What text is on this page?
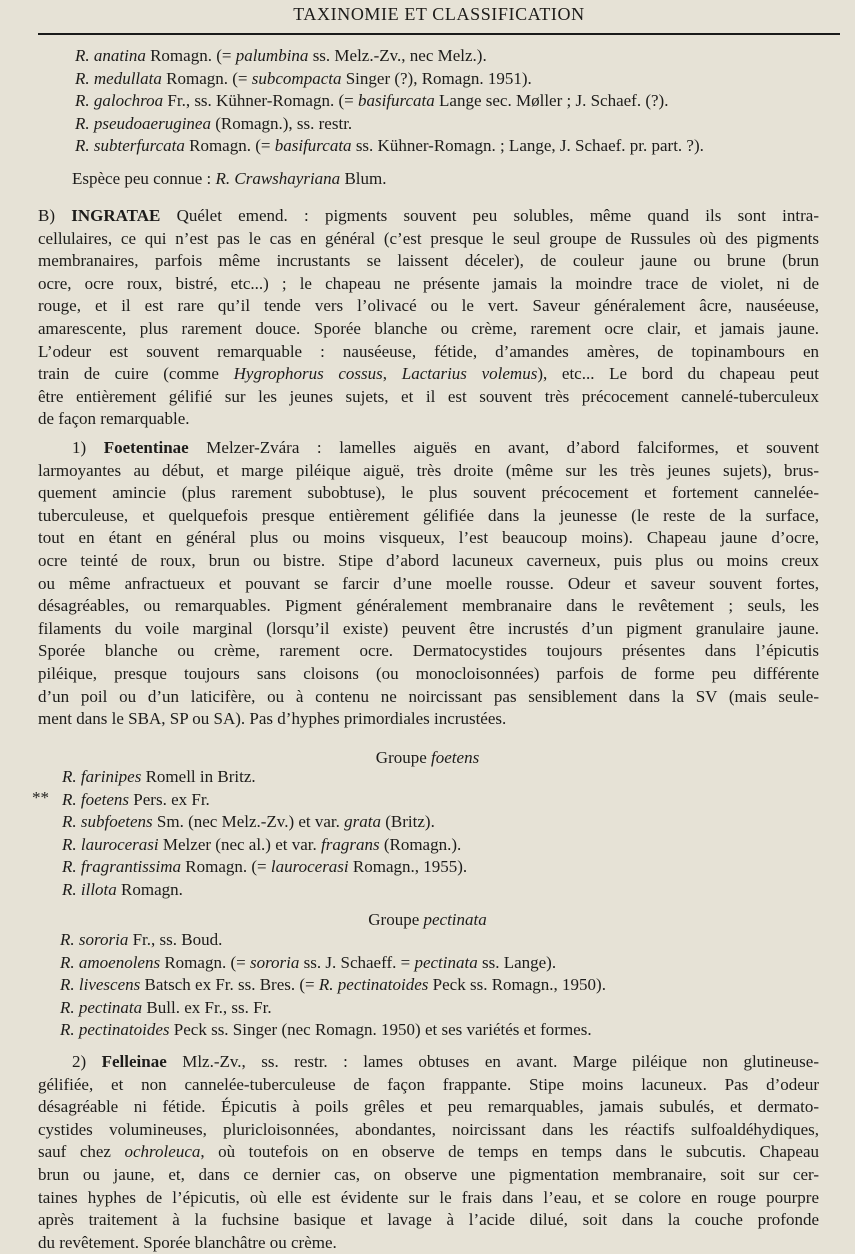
TAXINOMIE ET CLASSIFICATION
R. anatina Romagn. (= palumbina ss. Melz.-Zv., nec Melz.).
R. medullata Romagn. (= subcompacta Singer (?), Romagn. 1951).
R. galochroa Fr., ss. Kühner-Romagn. (= basifurcata Lange sec. Møller ; J. Schaef. (?).
R. pseudoaeruginea (Romagn.), ss. restr.
R. subterfurcata Romagn. (= basifurcata ss. Kühner-Romagn. ; Lange, J. Schaef. pr. part. ?).
Espèce peu connue : R. Crawshayriana Blum.
B) INGRATAE Quélet emend. : pigments souvent peu solubles, même quand ils sont intra-
cellulaires, ce qui n’est pas le cas en général (c’est presque le seul groupe de Russules où des pigments
membranaires, parfois même incrustants se laissent déceler), de couleur jaune ou brune (brun
ocre, ocre roux, bistré, etc...) ; le chapeau ne présente jamais la moindre trace de violet, ni de
rouge, et il est rare qu’il tende vers l’olivacé ou le vert. Saveur généralement âcre, nauséeuse,
amarescente, plus rarement douce. Sporée blanche ou crème, rarement ocre clair, et jamais jaune.
L’odeur est souvent remarquable : nauséeuse, fétide, d’amandes amères, de topinambours en
train de cuire (comme Hygrophorus cossus, Lactarius volemus), etc... Le bord du chapeau peut
être entièrement gélifié sur les jeunes sujets, et il est souvent très précocement cannelé-tuberculeux
de façon remarquable.
  1) Foetentinae Melzer-Zvára : lamelles aiguës en avant, d’abord falciformes, et souvent
larmoyantes au début, et marge piléique aiguë, très droite (même sur les très jeunes sujets), brus-
quement amincie (plus rarement subobtuse), le plus souvent précocement et fortement cannelée-
tuberculeuse, et quelquefois presque entièrement gélifiée dans la jeunesse (le reste de la surface,
tout en étant en général plus ou moins visqueux, l’est beaucoup moins). Chapeau jaune d’ocre,
ocre teinté de roux, brun ou bistre. Stipe d’abord lacuneux caverneux, puis plus ou moins creux
ou même anfractueux et pouvant se farcir d’une moelle rousse. Odeur et saveur souvent fortes,
désagréables, ou remarquables. Pigment généralement membranaire dans le revêtement ; seuls, les
filaments du voile marginal (lorsqu’il existe) peuvent être incrustés d’un pigment granulaire jaune.
Sporée blanche ou crème, rarement ocre. Dermatocystides toujours présentes dans l’épicutis
piléique, presque toujours sans cloisons (ou monocloisonnées) parfois de forme peu différente
d’un poil ou d’un laticifère, ou à contenu ne noircissant pas sensiblement dans la SV (mais seule-
ment dans le SBA, SP ou SA). Pas d’hyphes primordiales incrustées.
Groupe foetens
R. farinipes Romell in Britz.
** R. foetens Pers. ex Fr.
R. subfoetens Sm. (nec Melz.-Zv.) et var. grata (Britz).
R. laurocerasi Melzer (nec al.) et var. fragrans (Romagn.).
R. fragrantissima Romagn. (= laurocerasi Romagn., 1955).
R. illota Romagn.
Groupe pectinata
R. sororia Fr., ss. Boud.
R. amoenolens Romagn. (= sororia ss. J. Schaeff. = pectinata ss. Lange).
R. livescens Batsch ex Fr. ss. Bres. (= R. pectinatoides Peck ss. Romagn., 1950).
R. pectinata Bull. ex Fr., ss. Fr.
R. pectinatoides Peck ss. Singer (nec Romagn. 1950) et ses variétés et formes.
  2) Felleinae Mlz.-Zv., ss. restr. : lames obtuses en avant. Marge piléique non glutineuse-
gélifiée, et non cannelée-tuberculeuse de façon frappante. Stipe moins lacuneux. Pas d’odeur
désagréable ni fétide. Épicutis à poils grêles et peu remarquables, jamais subulés, et dermato-
cystides volumineuses, pluricloisonnées, abondantes, noircissant dans les réactifs sulfoaldéhydiques,
sauf chez ochroleuca, où toutefois on en observe de temps en temps dans le subcutis. Chapeau
brun ou jaune, et, dans ce dernier cas, on observe une pigmentation membranaire, soit sur cer-
taines hyphes de l’épicutis, où elle est évidente sur le frais dans l’eau, et se colore en rouge pourpre
après traitement à la fuchsine basique et lavage à l’acide dilué, soit dans la couche profonde
du revêtement. Sporée blanchâtre ou crème.
